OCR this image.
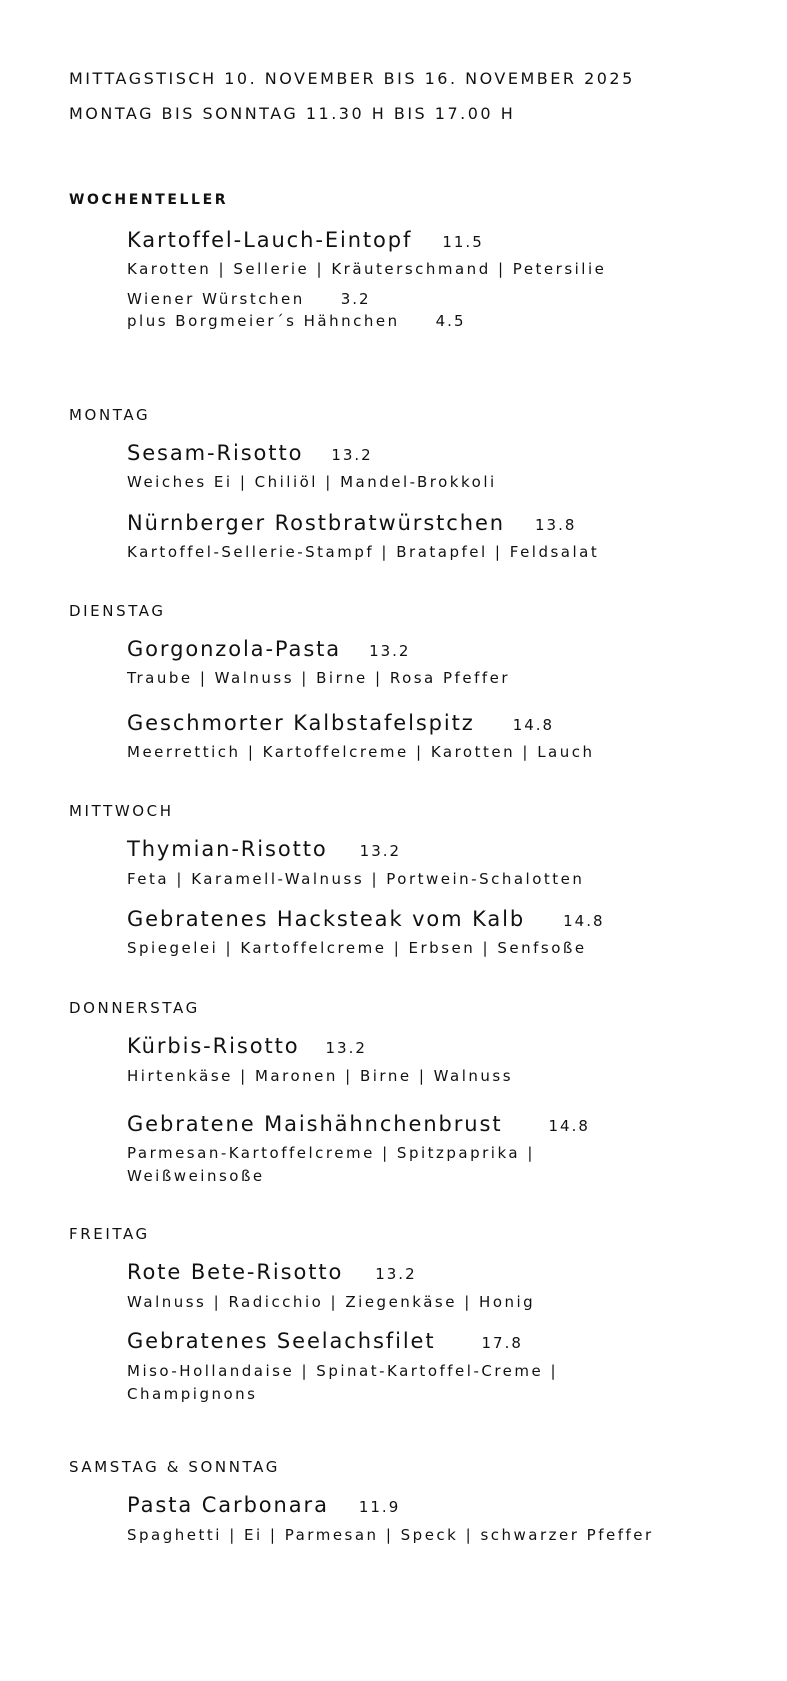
MITTAGSTISCH 10. NOVEMBER BIS 16. NOVEMBER 2025
MONTAG BIS SONNTAG 11.30 H BIS 17.00 H
WOCHENTELLER
Kartoffel-Lauch-Eintopf 11.5
Karotten | Sellerie | Kräuterschmand | Petersilie
Wiener Würstchen 3.2
plus Borgmeier´s Hähnchen 4.5
MONTAG
Sesam-Risotto 13.2
Weiches Ei | Chiliöl | Mandel-Brokkoli
Nürnberger Rostbratwürstchen 13.8
Kartoffel-Sellerie-Stampf | Bratapfel | Feldsalat
DIENSTAG
Gorgonzola-Pasta 13.2
Traube | Walnuss | Birne | Rosa Pfeffer
Geschmorter Kalbstafelspitz	14.8
Meerrettich | Kartoffelcreme | Karotten | Lauch
MITTWOCH
Thymian-Risotto 13.2
Feta | Karamell-Walnuss | Portwein-Schalotten
Gebratenes Hacksteak vom Kalb	14.8
Spiegelei | Kartoffelcreme | Erbsen | Senfsoße
DONNERSTAG
Kürbis-Risotto 13.2
Hirtenkäse | Maronen | Birne | Walnuss
Gebratene Maishähnchenbrust	14.8
Parmesan-Kartoffelcreme | Spitzpaprika |
Weißweinsoße
FREITAG
Rote Bete-Risotto 13.2
Walnuss | Radicchio | Ziegenkäse | Honig
Gebratenes Seelachsfilet	17.8
Miso-Hollandaise | Spinat-Kartoffel-Creme |
Champignons
SAMSTAG & SONNTAG
Pasta Carbonara 11.9
Spaghetti | Ei | Parmesan | Speck | schwarzer Pfeffer
